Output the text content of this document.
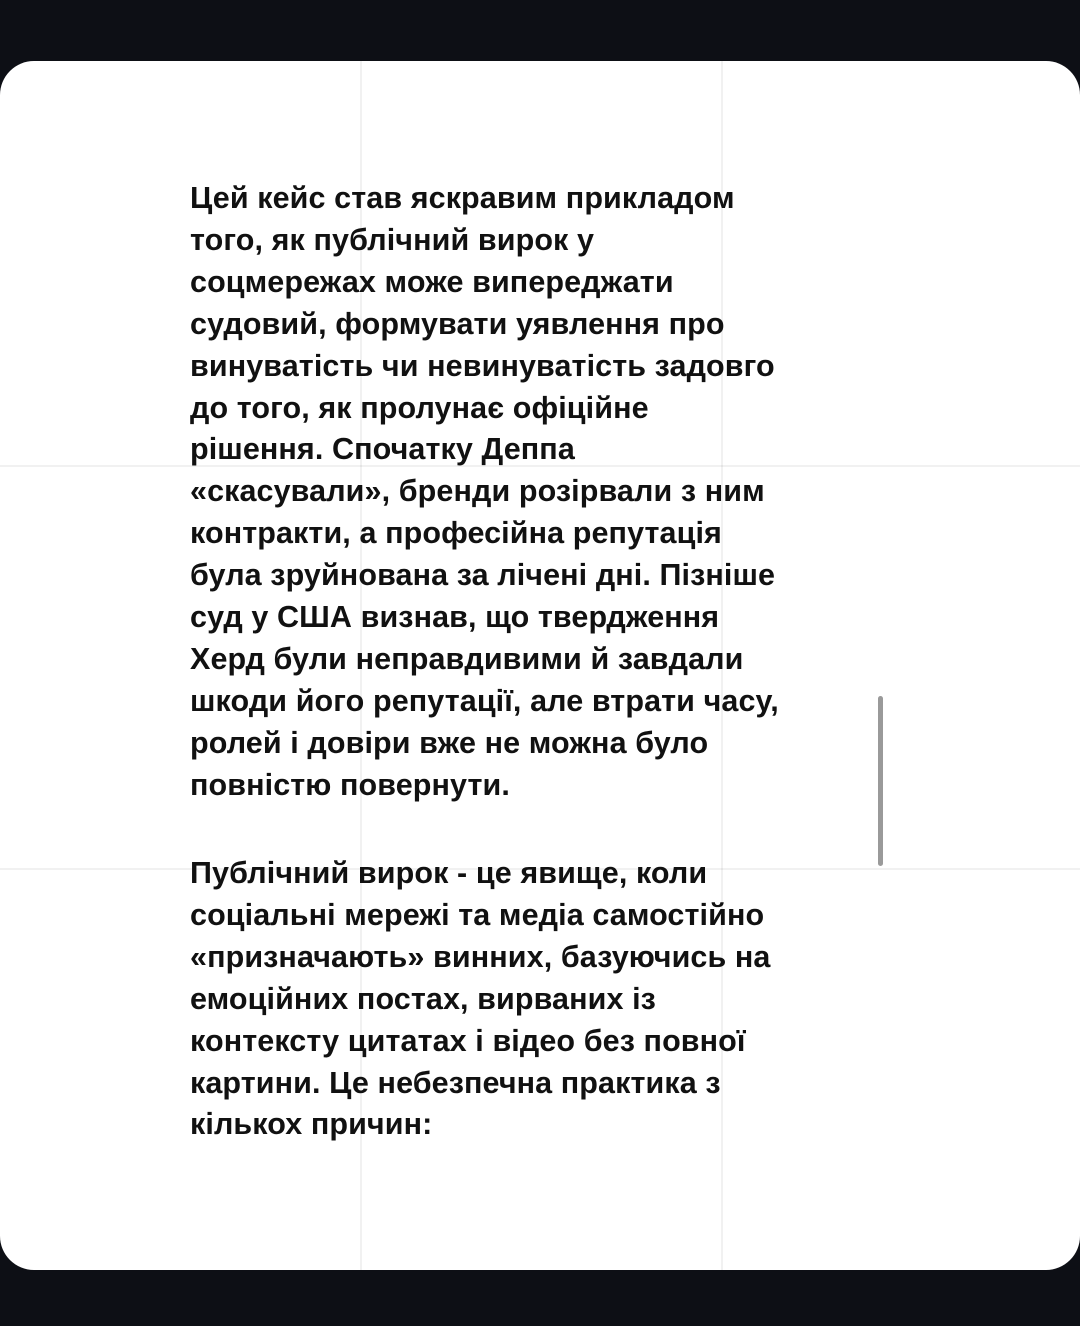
Цей кейс став яскравим прикладом
того, як публічний вирок у
соцмережах може випереджати
судовий, формувати уявлення про
винуватість чи невинуватість задовго
до того, як пролунає офіційне
рішення. Спочатку Деппа
«скасували», бренди розірвали з ним
контракти, а професійна репутація
була зруйнована за лічені дні. Пізніше
суд у США визнав, що твердження
Херд були неправдивими й завдали
шкоди його репутації, але втрати часу,
ролей і довіри вже не можна було
повністю повернути.

Публічний вирок - це явище, коли
соціальні мережі та медіа самостійно
«призначають» винних, базуючись на
емоційних постах, вирваних із
контексту цитатах і відео без повної
картини. Це небезпечна практика з
кількох причин:
